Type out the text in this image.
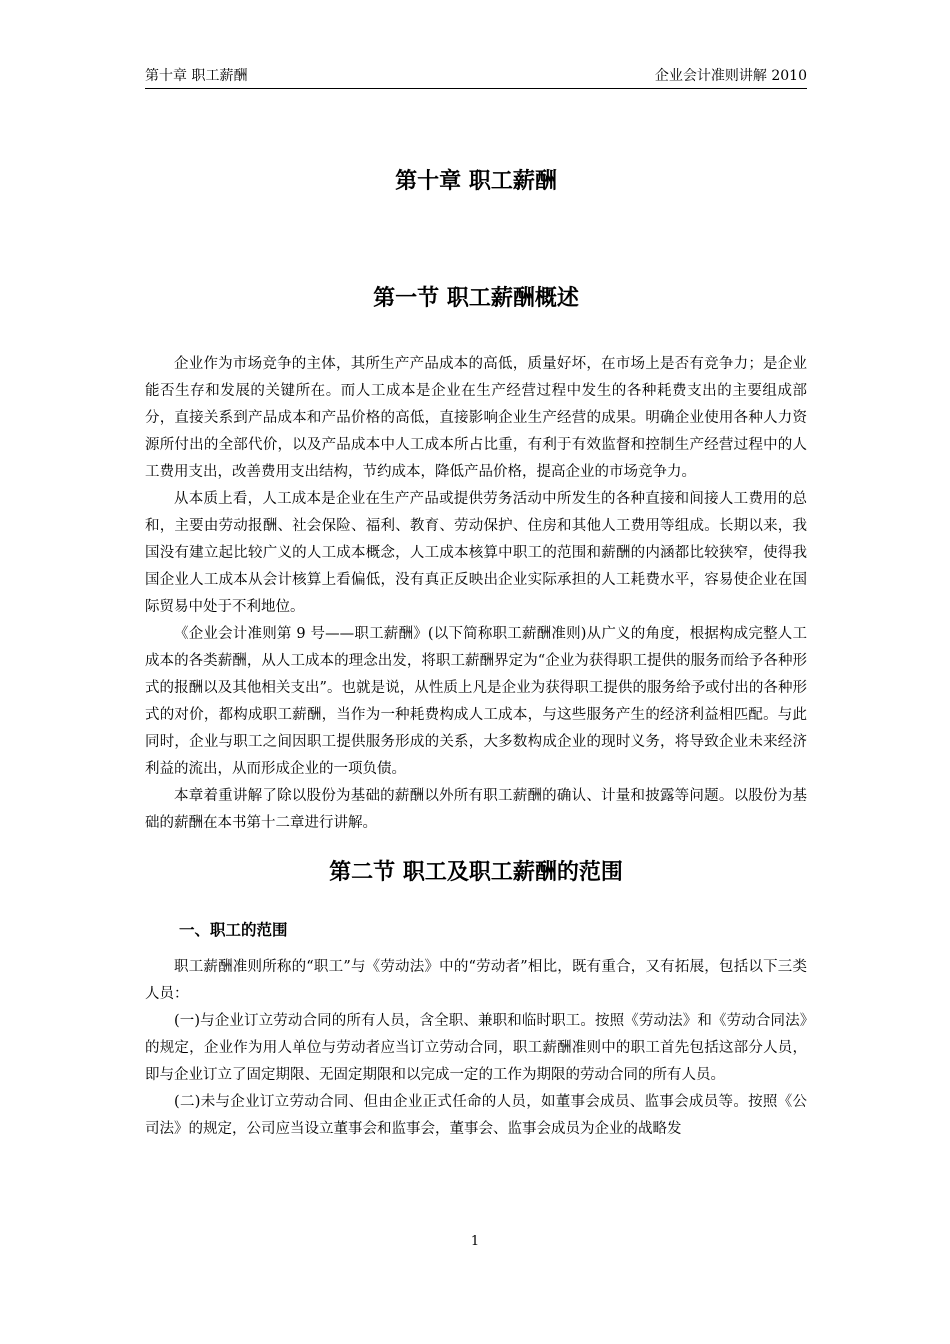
第十章 职工薪酬	企业会计准则讲解 2010
第十章 职工薪酬
第一节 职工薪酬概述

企业作为市场竞争的主体，其所生产产品成本的高低，质量好坏，在市场上是否有竞争力；是企业能否生存和发展的关键所在。而人工成本是企业在生产经营过程中发生的各种耗费支出的主要组成部分，直接关系到产品成本和产品价格的高低，直接影响企业生产经营的成果。明确企业使用各种人力资源所付出的全部代价，以及产品成本中人工成本所占比重，有利于有效监督和控制生产经营过程中的人工费用支出，改善费用支出结构，节约成本，降低产品价格，提高企业的市场竞争力。

从本质上看，人工成本是企业在生产产品或提供劳务活动中所发生的各种直接和间接人工费用的总和，主要由劳动报酬、社会保险、福利、教育、劳动保护、住房和其他人工费用等组成。长期以来，我国没有建立起比较广义的人工成本概念，人工成本核算中职工的范围和薪酬的内涵都比较狭窄，使得我国企业人工成本从会计核算上看偏低，没有真正反映出企业实际承担的人工耗费水平，容易使企业在国际贸易中处于不利地位。

《企业会计准则第 9 号——职工薪酬》(以下简称职工薪酬准则)从广义的角度，根据构成完整人工成本的各类薪酬，从人工成本的理念出发，将职工薪酬界定为“企业为获得职工提供的服务而给予各种形式的报酬以及其他相关支出”。也就是说，从性质上凡是企业为获得职工提供的服务给予或付出的各种形式的对价，都构成职工薪酬，当作为一种耗费构成人工成本，与这些服务产生的经济利益相匹配。与此同时，企业与职工之间因职工提供服务形成的关系，大多数构成企业的现时义务，将导致企业未来经济利益的流出，从而形成企业的一项负债。

本章着重讲解了除以股份为基础的薪酬以外所有职工薪酬的确认、计量和披露等问题。以股份为基础的薪酬在本书第十二章进行讲解。

第二节 职工及职工薪酬的范围
一、职工的范围

职工薪酬准则所称的“职工”与《劳动法》中的“劳动者”相比，既有重合，又有拓展，包括以下三类人员：

(一)与企业订立劳动合同的所有人员，含全职、兼职和临时职工。按照《劳动法》和《劳动合同法》的规定，企业作为用人单位与劳动者应当订立劳动合同，职工薪酬准则中的职工首先包括这部分人员，即与企业订立了固定期限、无固定期限和以完成一定的工作为期限的劳动合同的所有人员。

(二)未与企业订立劳动合同、但由企业正式任命的人员，如董事会成员、监事会成员等。按照《公司法》的规定，公司应当设立董事会和监事会，董事会、监事会成员为企业的战略发

1
